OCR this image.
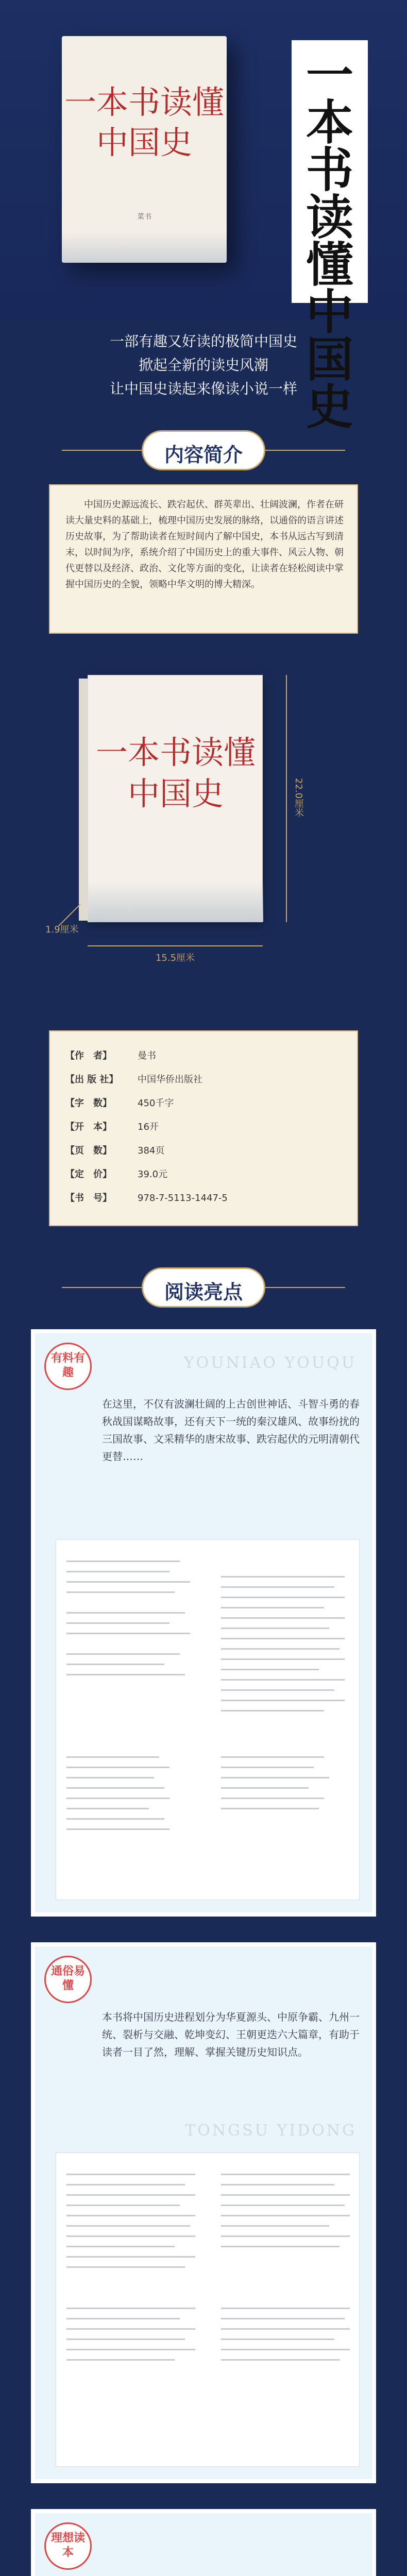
一本书读懂中国史
菜书
一本书读懂中国史

一部有趣又好读的极简中国史

掀起全新的读史风潮

让中国史读起来像读小说一样

内容简介

中国历史源远流长、跌宕起伏、群英辈出、壮阔波澜，作者在研读大量史料的基础上，梳理中国历史发展的脉络，以通俗的语言讲述历史故事，为了帮助读者在短时间内了解中国史，本书从远古写到清末，以时间为序，系统介绍了中国历史上的重大事件、风云人物、朝代更替以及经济、政治、文化等方面的变化，让读者在轻松阅读中掌握中国历史的全貌，领略中华文明的博大精深。

一本书读懂中国史	22.0厘米
15.5厘米
1.9厘米
【作　者】	曼书
【出 版 社】	中国华侨出版社
【字　数】	450千字
【开　本】	16开
【页　数】	384页
【定　价】	39.0元
【书　号】	978-7-5113-1447-5
阅读亮点
有料有趣
YOUNIAO YOUQU
在这里，不仅有波澜壮阔的上古创世神话、斗智斗勇的春秋战国谋略故事，还有天下一统的秦汉雄风、故事纷扰的三国故事、文采精华的唐宋故事、跌宕起伏的元明清朝代更替……
通俗易懂
TONGSU YIDONG
本书将中国历史进程划分为华夏源头、中原争霸、九州一统、裂析与交融、乾坤变幻、王朝更迭六大篇章，有助于读者一目了然，理解、掌握关键历史知识点。
理想读本
